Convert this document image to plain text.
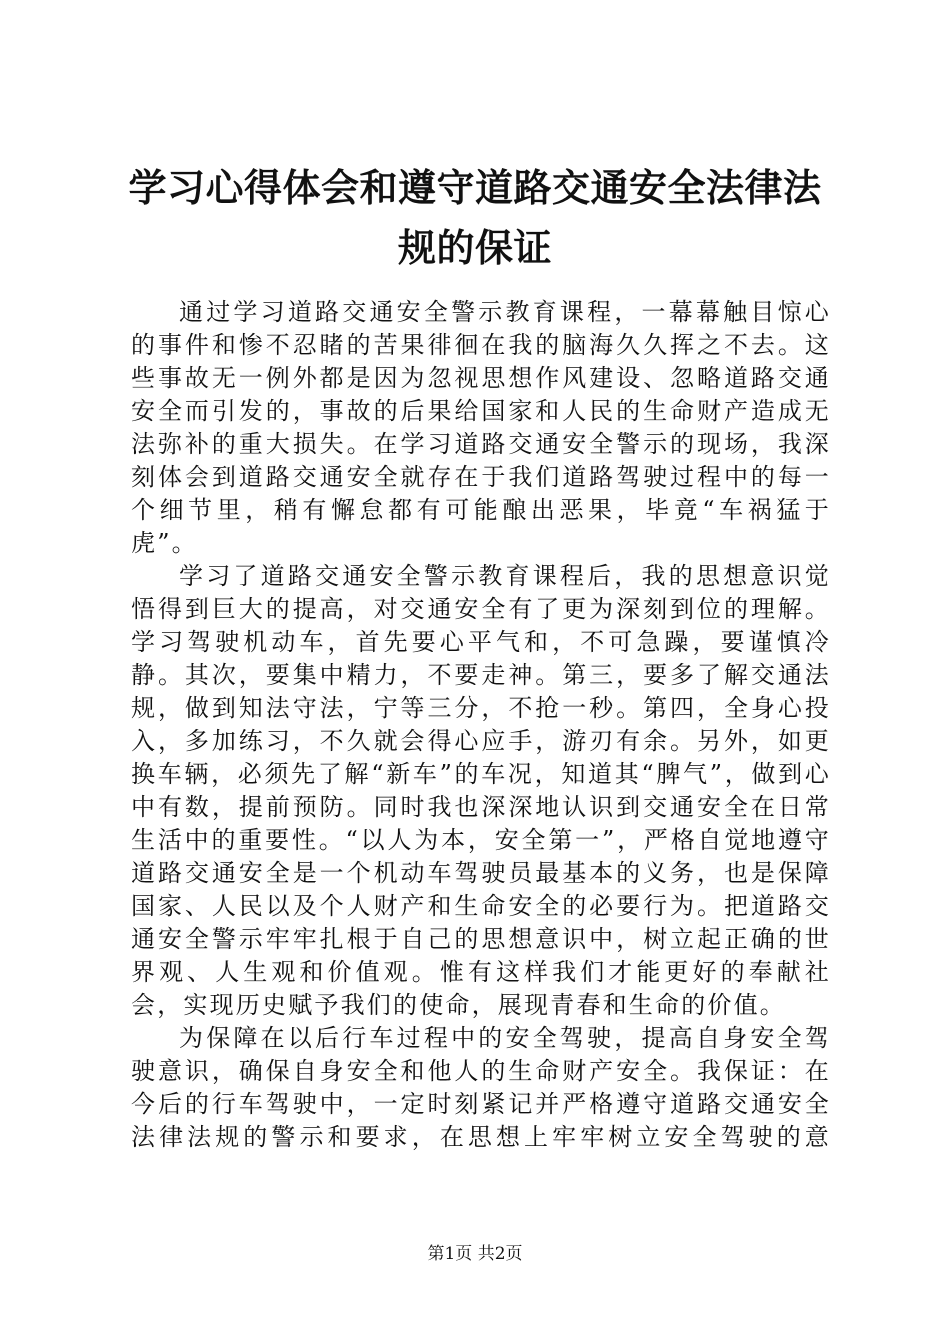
学习心得体会和遵守道路交通安全法律法规的保证

通过学习道路交通安全警示教育课程，一幕幕触目惊心的事件和惨不忍睹的苦果徘徊在我的脑海久久挥之不去。这些事故无一例外都是因为忽视思想作风建设、忽略道路交通安全而引发的，事故的后果给国家和人民的生命财产造成无法弥补的重大损失。在学习道路交通安全警示的现场，我深刻体会到道路交通安全就存在于我们道路驾驶过程中的每一个细节里，稍有懈怠都有可能酿出恶果，毕竟“车祸猛于虎”。

学习了道路交通安全警示教育课程后，我的思想意识觉悟得到巨大的提高，对交通安全有了更为深刻到位的理解。学习驾驶机动车，首先要心平气和，不可急躁，要谨慎冷静。其次，要集中精力，不要走神。第三，要多了解交通法规，做到知法守法，宁等三分，不抢一秒。第四，全身心投入，多加练习，不久就会得心应手，游刃有余。另外，如更换车辆，必须先了解“新车”的车况，知道其“脾气”，做到心中有数，提前预防。同时我也深深地认识到交通安全在日常生活中的重要性。“以人为本，安全第一”，严格自觉地遵守道路交通安全是一个机动车驾驶员最基本的义务，也是保障国家、人民以及个人财产和生命安全的必要行为。把道路交通安全警示牢牢扎根于自己的思想意识中，树立起正确的世界观、人生观和价值观。惟有这样我们才能更好的奉献社会，实现历史赋予我们的使命，展现青春和生命的价值。

为保障在以后行车过程中的安全驾驶，提高自身安全驾驶意识，确保自身安全和他人的生命财产安全。我保证：在今后的行车驾驶中，一定时刻紧记并严格遵守道路交通安全法律法规的警示和要求，在思想上牢牢树立安全驾驶的意

第1页 共2页
